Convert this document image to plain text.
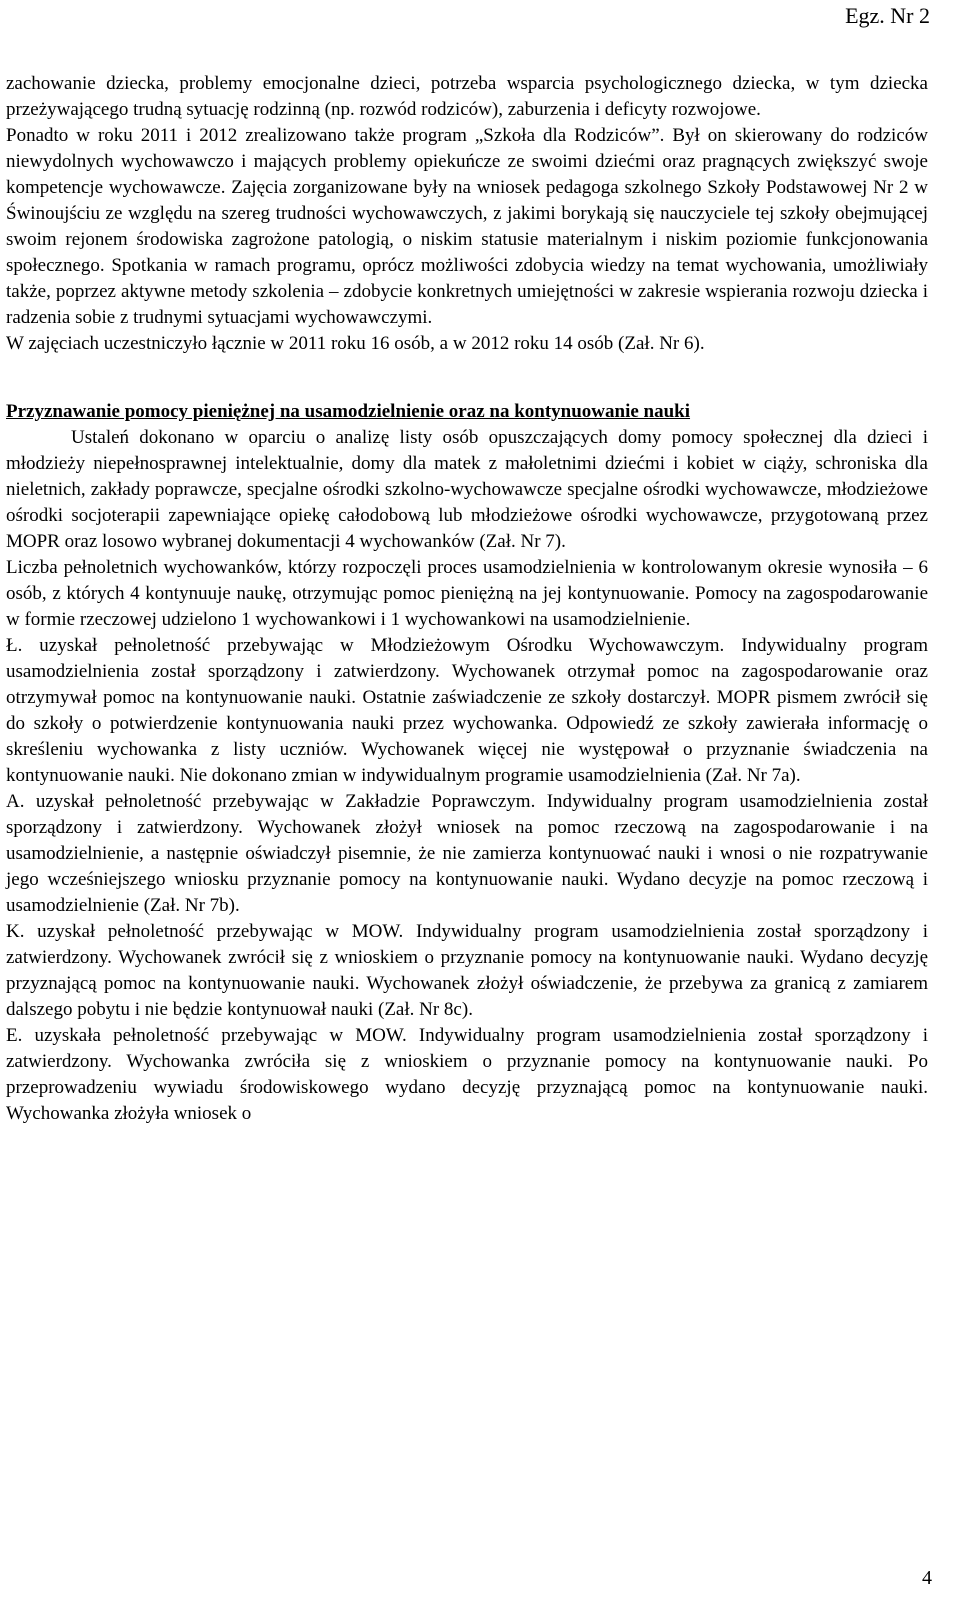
Egz. Nr 2

zachowanie dziecka, problemy emocjonalne dzieci, potrzeba wsparcia psychologicznego dziecka, w tym dziecka przeżywającego trudną sytuację rodzinną (np. rozwód rodziców), zaburzenia i deficyty rozwojowe.

Ponadto w roku 2011 i 2012 zrealizowano także program „Szkoła dla Rodziców”. Był on skierowany do rodziców niewydolnych wychowawczo i mających problemy opiekuńcze ze swoimi dziećmi oraz pragnących zwiększyć swoje kompetencje wychowawcze. Zajęcia zorganizowane były na wniosek pedagoga szkolnego Szkoły Podstawowej Nr 2 w Świnoujściu ze względu na szereg trudności wychowawczych, z jakimi borykają się nauczyciele tej szkoły obejmującej swoim rejonem środowiska zagrożone patologią, o niskim statusie materialnym i niskim poziomie funkcjonowania społecznego. Spotkania w ramach programu, oprócz możliwości zdobycia wiedzy na temat wychowania, umożliwiały także, poprzez aktywne metody szkolenia – zdobycie konkretnych umiejętności w zakresie wspierania rozwoju dziecka i radzenia sobie z trudnymi sytuacjami wychowawczymi.

W zajęciach uczestniczyło łącznie w 2011 roku 16 osób, a w 2012 roku 14 osób (Zał. Nr 6).

Przyznawanie pomocy pieniężnej na usamodzielnienie oraz na kontynuowanie nauki

Ustaleń dokonano w oparciu o analizę listy osób opuszczających domy pomocy społecznej dla dzieci i młodzieży niepełnosprawnej intelektualnie, domy dla matek z małoletnimi dziećmi i kobiet w ciąży, schroniska dla nieletnich, zakłady poprawcze, specjalne ośrodki szkolno-wychowawcze specjalne ośrodki wychowawcze, młodzieżowe ośrodki socjoterapii zapewniające opiekę całodobową lub młodzieżowe ośrodki wychowawcze, przygotowaną przez MOPR oraz losowo wybranej dokumentacji 4 wychowanków (Zał. Nr 7).

Liczba pełnoletnich wychowanków, którzy rozpoczęli proces usamodzielnienia w kontrolowanym okresie wynosiła – 6 osób, z których 4 kontynuuje naukę, otrzymując pomoc pieniężną na jej kontynuowanie. Pomocy na zagospodarowanie w formie rzeczowej udzielono 1 wychowankowi i 1 wychowankowi na usamodzielnienie.

Ł. uzyskał pełnoletność przebywając w Młodzieżowym Ośrodku Wychowawczym. Indywidualny program usamodzielnienia został sporządzony i zatwierdzony. Wychowanek otrzymał pomoc na zagospodarowanie oraz otrzymywał pomoc na kontynuowanie nauki. Ostatnie zaświadczenie ze szkoły dostarczył. MOPR pismem zwrócił się do szkoły o potwierdzenie kontynuowania nauki przez wychowanka. Odpowiedź ze szkoły zawierała informację o skreśleniu wychowanka z listy uczniów. Wychowanek więcej nie występował o przyznanie świadczenia na kontynuowanie nauki. Nie dokonano zmian w indywidualnym programie usamodzielnienia (Zał. Nr 7a).

A. uzyskał pełnoletność przebywając w Zakładzie Poprawczym. Indywidualny program usamodzielnienia został sporządzony i zatwierdzony. Wychowanek złożył wniosek na pomoc rzeczową na zagospodarowanie i na usamodzielnienie, a następnie oświadczył pisemnie, że nie zamierza kontynuować nauki i wnosi o nie rozpatrywanie jego wcześniejszego wniosku przyznanie pomocy na kontynuowanie nauki. Wydano decyzje na pomoc rzeczową i usamodzielnienie (Zał. Nr 7b).

K. uzyskał pełnoletność przebywając w MOW. Indywidualny program usamodzielnienia został sporządzony i zatwierdzony. Wychowanek zwrócił się z wnioskiem o przyznanie pomocy na kontynuowanie nauki. Wydano decyzję przyznającą pomoc na kontynuowanie nauki. Wychowanek złożył oświadczenie, że przebywa za granicą z zamiarem dalszego pobytu i nie będzie kontynuował nauki (Zał. Nr 8c).

E. uzyskała pełnoletność przebywając w MOW. Indywidualny program usamodzielnienia został sporządzony i zatwierdzony. Wychowanka zwróciła się z wnioskiem o przyznanie pomocy na kontynuowanie nauki. Po przeprowadzeniu wywiadu środowiskowego wydano decyzję przyznającą pomoc na kontynuowanie nauki. Wychowanka złożyła wniosek o

4
